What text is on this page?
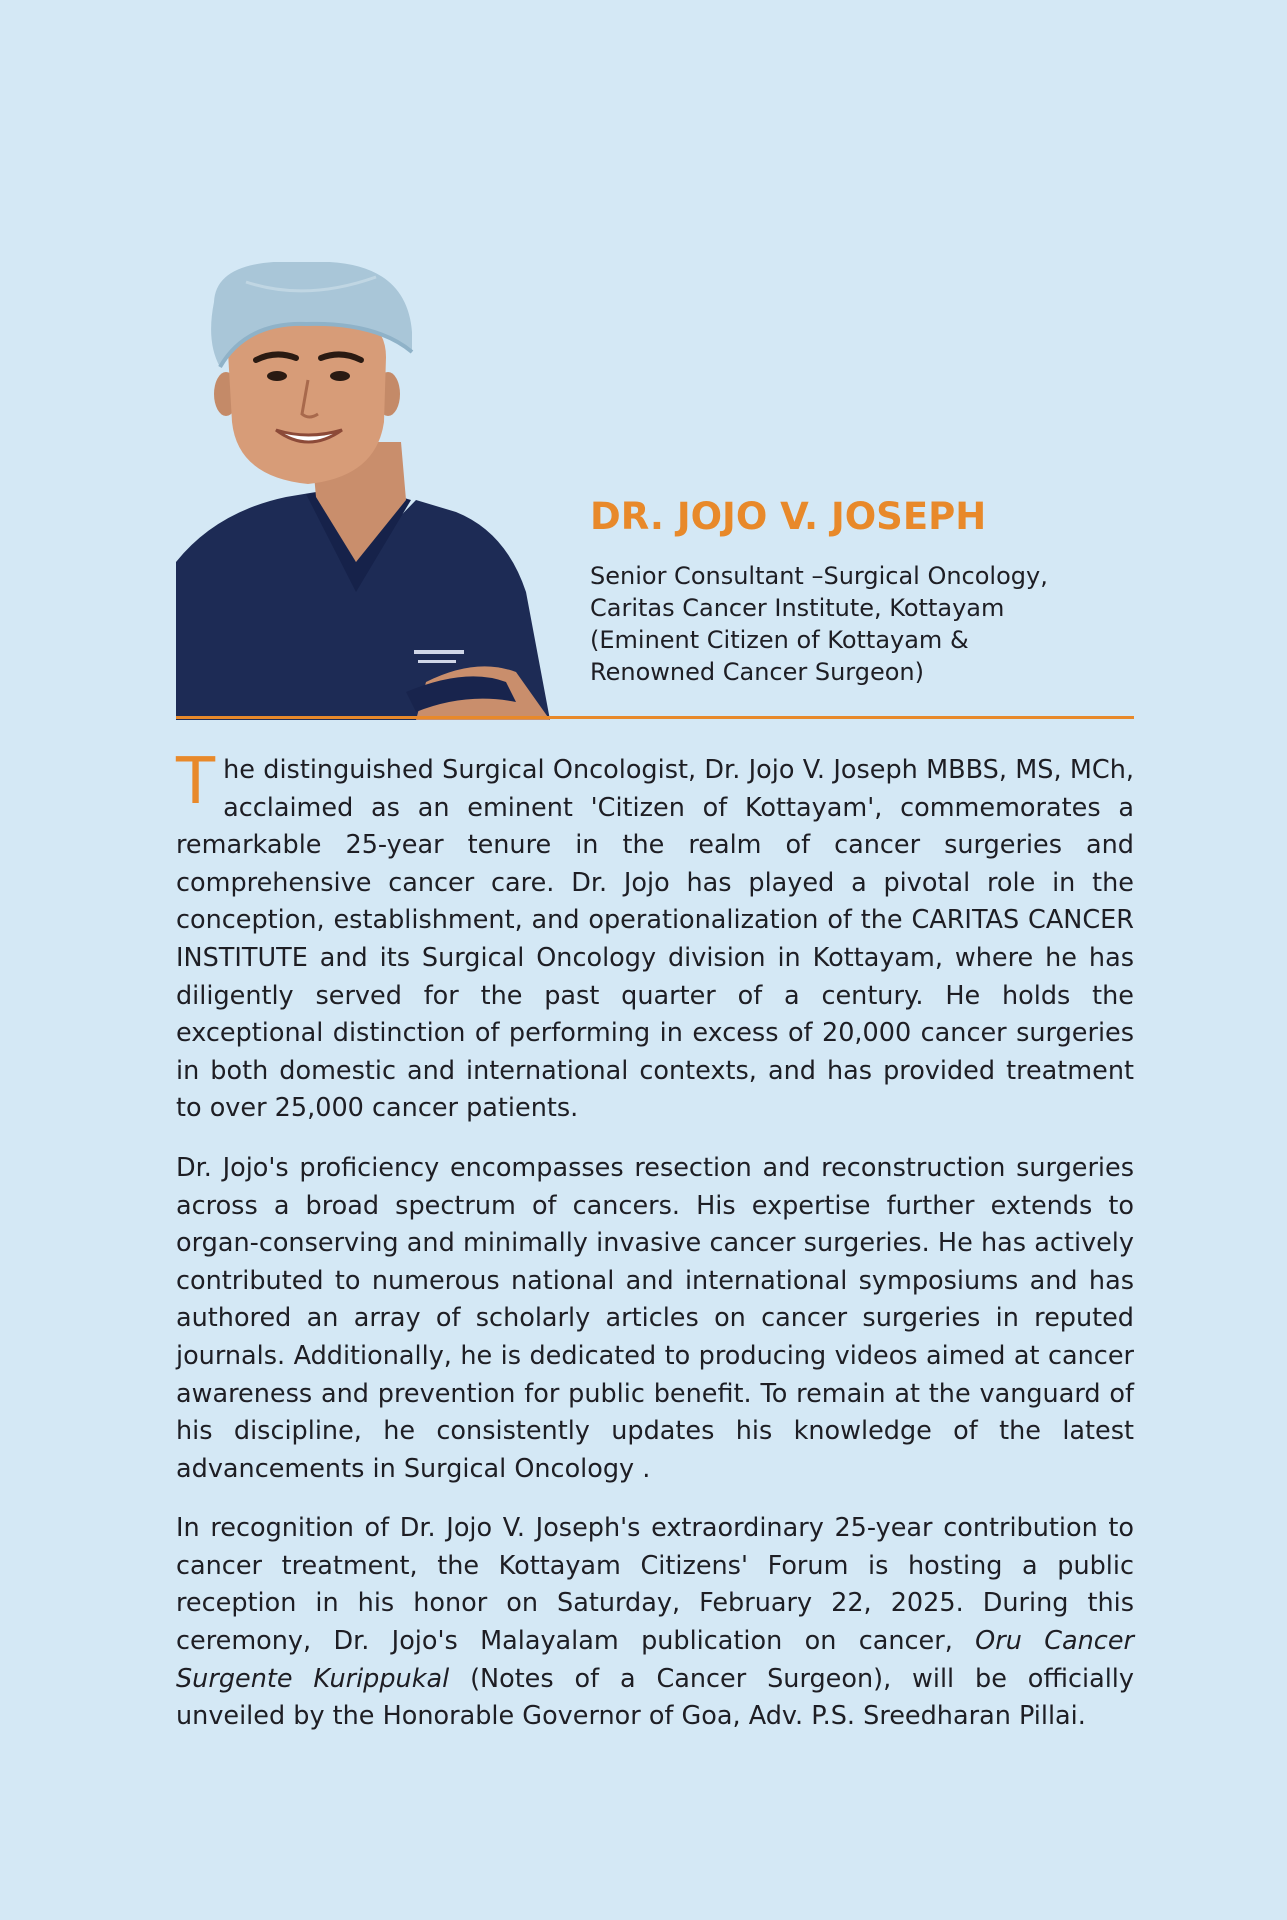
DR. JOJO V. JOSEPH
Senior Consultant –Surgical Oncology,
Caritas Cancer Institute, Kottayam
(Eminent Citizen of Kottayam &
Renowned Cancer Surgeon)

The distinguished Surgical Oncologist, Dr. Jojo V. Joseph MBBS, MS, MCh, acclaimed as an eminent 'Citizen of Kottayam', commemorates a remarkable 25-year tenure in the realm of cancer surgeries and comprehensive cancer care. Dr. Jojo has played a pivotal role in the conception, establishment, and operationalization of the CARITAS CANCER INSTITUTE and its Surgical Oncology division in Kottayam, where he has diligently served for the past quarter of a century. He holds the exceptional distinction of performing in excess of 20,000 cancer surgeries in both domestic and international contexts, and has provided treatment to over 25,000 cancer patients.

Dr. Jojo's proficiency encompasses resection and reconstruction surgeries across a broad spectrum of cancers. His expertise further extends to organ-conserving and minimally invasive cancer surgeries. He has actively contributed to numerous national and international symposiums and has authored an array of scholarly articles on cancer surgeries in reputed journals. Additionally, he is dedicated to producing videos aimed at cancer awareness and prevention for public benefit. To remain at the vanguard of his discipline, he consistently updates his knowledge of the latest advancements in Surgical Oncology .

In recognition of Dr. Jojo V. Joseph's extraordinary 25-year contribution to cancer treatment, the Kottayam Citizens' Forum is hosting a public reception in his honor on Saturday, February 22, 2025. During this ceremony, Dr. Jojo's Malayalam publication on cancer, Oru Cancer Surgente Kurippukal (Notes of a Cancer Surgeon), will be officially unveiled by the Honorable Governor of Goa, Adv. P.S. Sreedharan Pillai.
